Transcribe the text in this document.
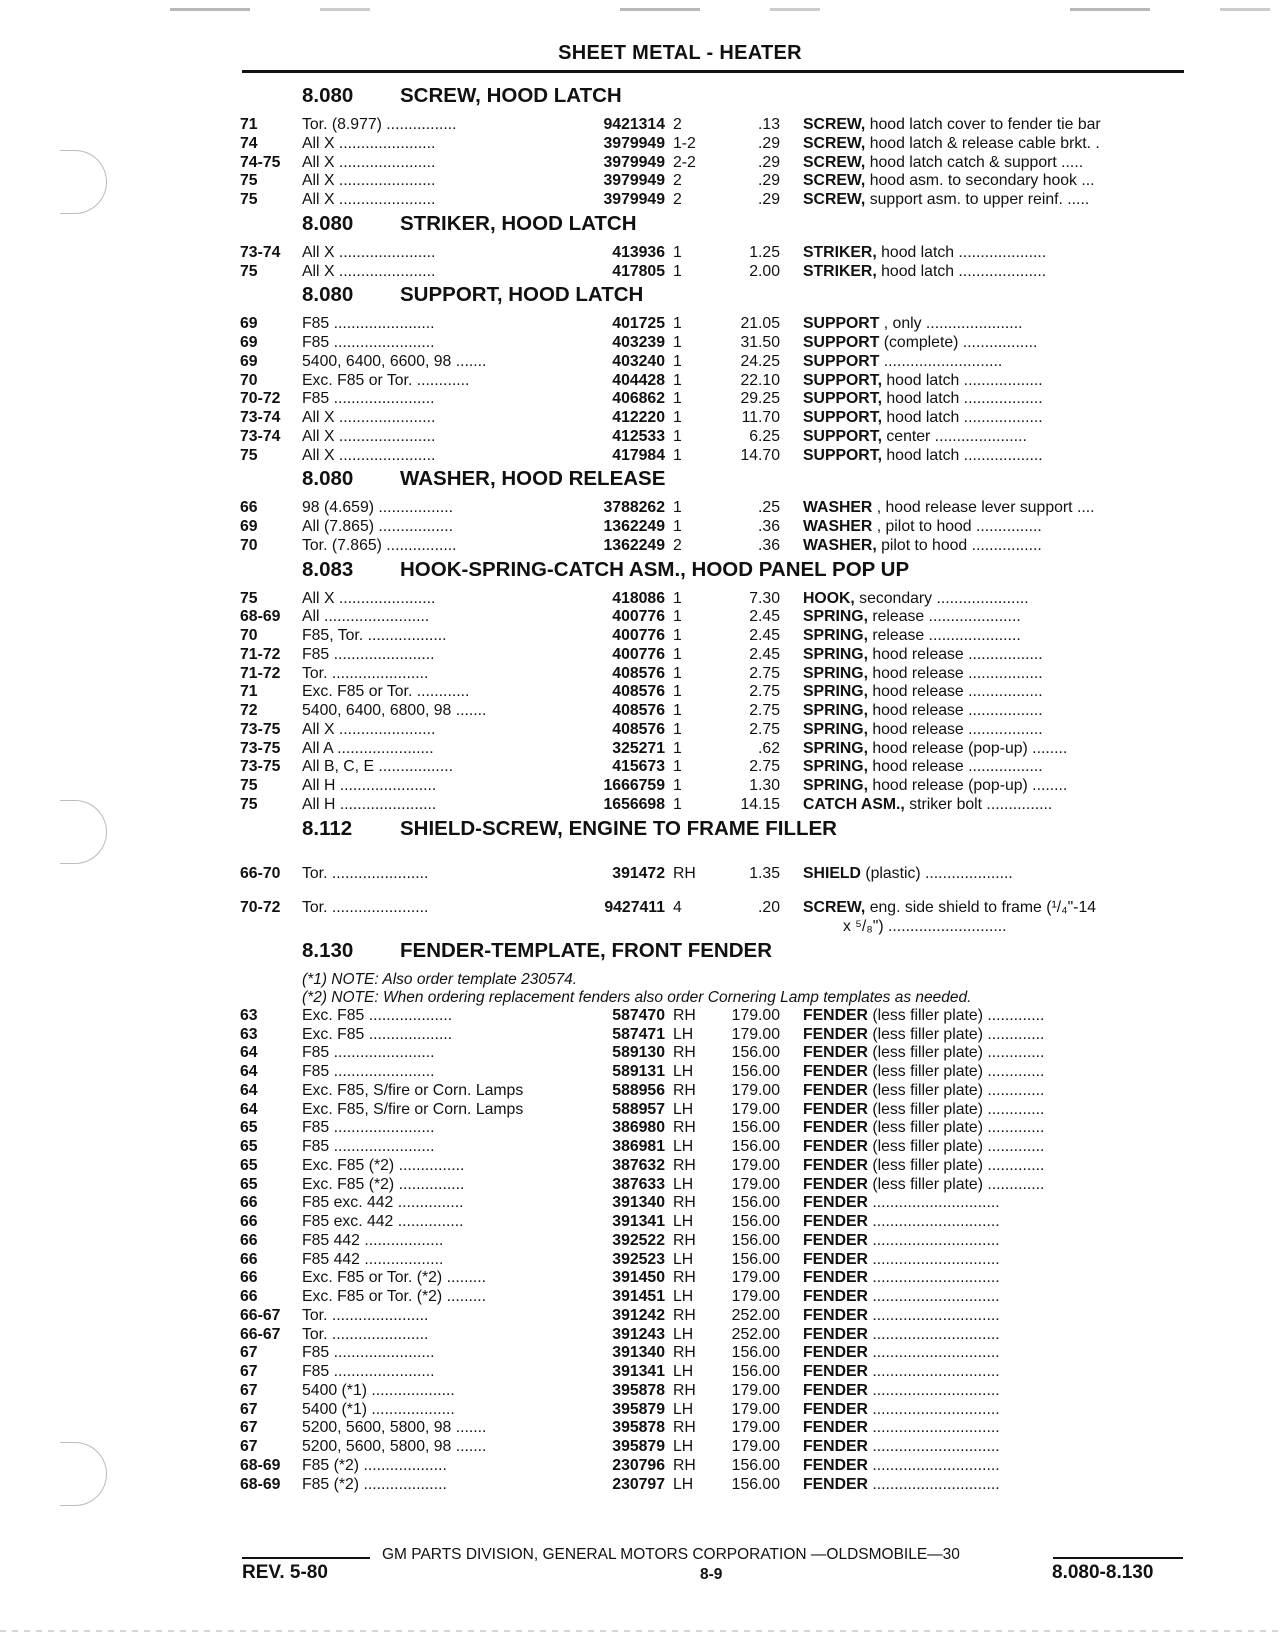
SHEET METAL - HEATER
8.080	SCREW, HOOD LATCH
71	Tor. (8.977) ................	9421314 2	.13	SCREW, hood latch cover to fender tie bar
74	All X ......................	3979949 1-2	.29	SCREW, hood latch & release cable brkt. .
74-75	All X ......................	3979949 2-2	.29	SCREW, hood latch catch & support .....
75	All X ......................	3979949 2	.29	SCREW, hood asm. to secondary hook ...
75	All X ......................	3979949 2	.29	SCREW, support asm. to upper reinf. .....
8.080	STRIKER, HOOD LATCH
73-74	All X ......................	413936 1	1.25	STRIKER, hood latch ....................
75	All X ......................	417805 1	2.00	STRIKER, hood latch ....................
8.080	SUPPORT, HOOD LATCH
69	F85 .......................	401725 1	21.05	SUPPORT , only ......................
69	F85 .......................	403239 1	31.50	SUPPORT (complete) .................
69	5400, 6400, 6600, 98 .......	403240 1	24.25	SUPPORT ...........................
70	Exc. F85 or Tor. ............	404428 1	22.10	SUPPORT, hood latch ..................
70-72	F85 .......................	406862 1	29.25	SUPPORT, hood latch ..................
73-74	All X ......................	412220 1	11.70	SUPPORT, hood latch ..................
73-74	All X ......................	412533 1	6.25	SUPPORT, center .....................
75	All X ......................	417984 1	14.70	SUPPORT, hood latch ..................
8.080	WASHER, HOOD RELEASE
66	98 (4.659) .................	3788262 1	.25	WASHER , hood release lever support ....
69	All (7.865) .................	1362249 1	.36	WASHER , pilot to hood ...............
70	Tor. (7.865) ................	1362249 2	.36	WASHER, pilot to hood ................
8.083	HOOK-SPRING-CATCH ASM., HOOD PANEL POP UP
75	All X ......................	418086 1	7.30	HOOK, secondary .....................
68-69	All ........................	400776 1	2.45	SPRING, release .....................
70	F85, Tor. ..................	400776 1	2.45	SPRING, release .....................
71-72	F85 .......................	400776 1	2.45	SPRING, hood release .................
71-72	Tor. ......................	408576 1	2.75	SPRING, hood release .................
71	Exc. F85 or Tor. ............	408576 1	2.75	SPRING, hood release .................
72	5400, 6400, 6800, 98 .......	408576 1	2.75	SPRING, hood release .................
73-75	All X ......................	408576 1	2.75	SPRING, hood release .................
73-75	All A ......................	325271 1	.62	SPRING, hood release (pop-up) ........
73-75	All B, C, E .................	415673 1	2.75	SPRING, hood release .................
75	All H ......................	1666759 1	1.30	SPRING, hood release (pop-up) ........
75	All H ......................	1656698 1	14.15	CATCH ASM., striker bolt ...............
8.112	SHIELD-SCREW, ENGINE TO FRAME FILLER
66-70	Tor. ......................	391472 RH	1.35	SHIELD (plastic) ....................
70-72	Tor. ......................	9427411 4	.20	SCREW, eng. side shield to frame (¹/₄"-14
x ⁵/₈") ...........................
8.130	FENDER-TEMPLATE, FRONT FENDER
(*1) NOTE: Also order template 230574.
(*2) NOTE: When ordering replacement fenders also order Cornering Lamp templates as needed.
63	Exc. F85 ...................	587470 RH	179.00	FENDER (less filler plate) .............
63	Exc. F85 ...................	587471 LH	179.00	FENDER (less filler plate) .............
64	F85 .......................	589130 RH	156.00	FENDER (less filler plate) .............
64	F85 .......................	589131 LH	156.00	FENDER (less filler plate) .............
64	Exc. F85, S/fire or Corn. Lamps	588956 RH	179.00	FENDER (less filler plate) .............
64	Exc. F85, S/fire or Corn. Lamps	588957 LH	179.00	FENDER (less filler plate) .............
65	F85 .......................	386980 RH	156.00	FENDER (less filler plate) .............
65	F85 .......................	386981 LH	156.00	FENDER (less filler plate) .............
65	Exc. F85 (*2) ...............	387632 RH	179.00	FENDER (less filler plate) .............
65	Exc. F85 (*2) ...............	387633 LH	179.00	FENDER (less filler plate) .............
66	F85 exc. 442 ...............	391340 RH	156.00	FENDER .............................
66	F85 exc. 442 ...............	391341 LH	156.00	FENDER .............................
66	F85 442 ..................	392522 RH	156.00	FENDER .............................
66	F85 442 ..................	392523 LH	156.00	FENDER .............................
66	Exc. F85 or Tor. (*2) .........	391450 RH	179.00	FENDER .............................
66	Exc. F85 or Tor. (*2) .........	391451 LH	179.00	FENDER .............................
66-67	Tor. ......................	391242 RH	252.00	FENDER .............................
66-67	Tor. ......................	391243 LH	252.00	FENDER .............................
67	F85 .......................	391340 RH	156.00	FENDER .............................
67	F85 .......................	391341 LH	156.00	FENDER .............................
67	5400 (*1) ...................	395878 RH	179.00	FENDER .............................
67	5400 (*1) ...................	395879 LH	179.00	FENDER .............................
67	5200, 5600, 5800, 98 .......	395878 RH	179.00	FENDER .............................
67	5200, 5600, 5800, 98 .......	395879 LH	179.00	FENDER .............................
68-69	F85 (*2) ...................	230796 RH	156.00	FENDER .............................
68-69	F85 (*2) ...................	230797 LH	156.00	FENDER .............................
GM PARTS DIVISION, GENERAL MOTORS CORPORATION —OLDSMOBILE—30
REV. 5-80	8-9	8.080-8.130
